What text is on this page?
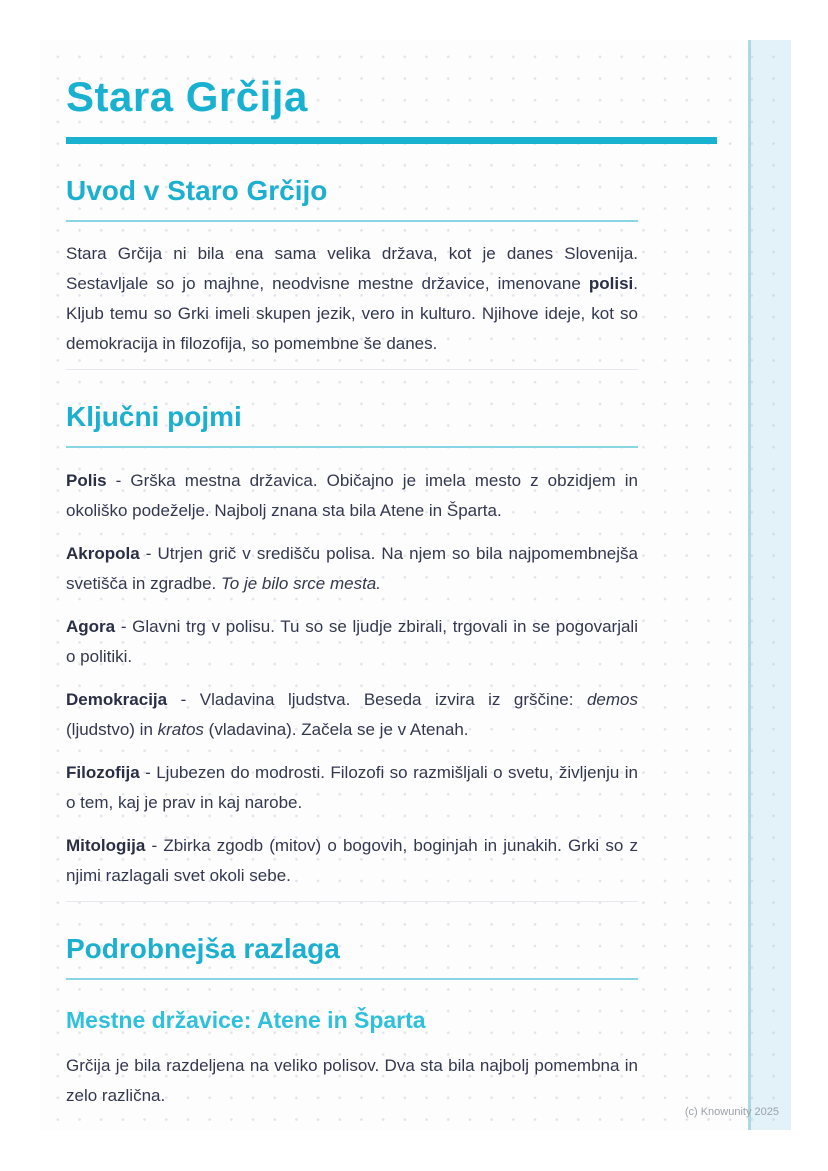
Stara Grčija
Uvod v Staro Grčijo

Stara Grčija ni bila ena sama velika država, kot je danes Slovenija. Sestavljale so jo majhne, neodvisne mestne državice, imenovane polisi. Kljub temu so Grki imeli skupen jezik, vero in kulturo. Njihove ideje, kot so demokracija in filozofija, so pomembne še danes.

Ključni pojmi

Polis - Grška mestna državica. Običajno je imela mesto z obzidjem in okoliško podeželje. Najbolj znana sta bila Atene in Šparta.

Akropola - Utrjen grič v središču polisa. Na njem so bila najpomembnejša svetišča in zgradbe. To je bilo srce mesta.

Agora - Glavni trg v polisu. Tu so se ljudje zbirali, trgovali in se pogovarjali o politiki.

Demokracija - Vladavina ljudstva. Beseda izvira iz grščine: demos (ljudstvo) in kratos (vladavina). Začela se je v Atenah.

Filozofija - Ljubezen do modrosti. Filozofi so razmišljali o svetu, življenju in o tem, kaj je prav in kaj narobe.

Mitologija - Zbirka zgodb (mitov) o bogovih, boginjah in junakih. Grki so z njimi razlagali svet okoli sebe.

Podrobnejša razlaga
Mestne državice: Atene in Šparta

Grčija je bila razdeljena na veliko polisov. Dva sta bila najbolj pomembna in zelo različna.

(c) Knowunity 2025
